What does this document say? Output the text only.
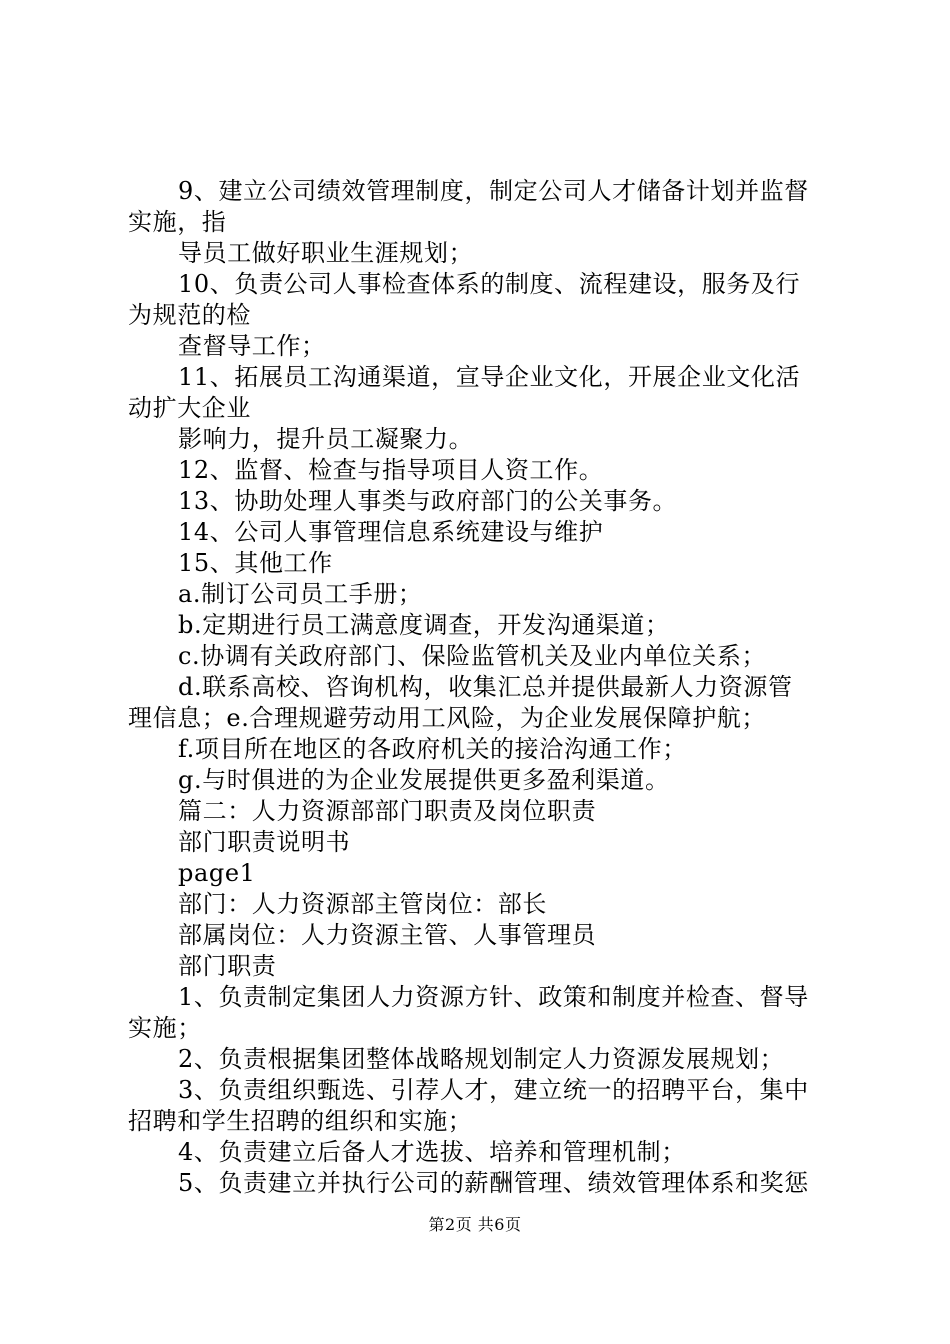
9、建立公司绩效管理制度，制定公司人才储备计划并监督
实施，指
导员工做好职业生涯规划；
10、负责公司人事检查体系的制度、流程建设，服务及行
为规范的检
查督导工作；
11、拓展员工沟通渠道，宣导企业文化，开展企业文化活
动扩大企业
影响力，提升员工凝聚力。
12、监督、检查与指导项目人资工作。
13、协助处理人事类与政府部门的公关事务。
14、公司人事管理信息系统建设与维护
15、其他工作
a.制订公司员工手册；
b.定期进行员工满意度调查，开发沟通渠道；
c.协调有关政府部门、保险监管机关及业内单位关系；
d.联系高校、咨询机构，收集汇总并提供最新人力资源管
理信息；e.合理规避劳动用工风险，为企业发展保障护航；
f.项目所在地区的各政府机关的接洽沟通工作；
g.与时俱进的为企业发展提供更多盈利渠道。
篇二：人力资源部部门职责及岗位职责
部门职责说明书
page1
部门：人力资源部主管岗位：部长
部属岗位：人力资源主管、人事管理员
部门职责
1、负责制定集团人力资源方针、政策和制度并检查、督导
实施；
2、负责根据集团整体战略规划制定人力资源发展规划；
3、负责组织甄选、引荐人才，建立统一的招聘平台，集中
招聘和学生招聘的组织和实施；
4、负责建立后备人才选拔、培养和管理机制；
5、负责建立并执行公司的薪酬管理、绩效管理体系和奖惩
第2页 共6页
